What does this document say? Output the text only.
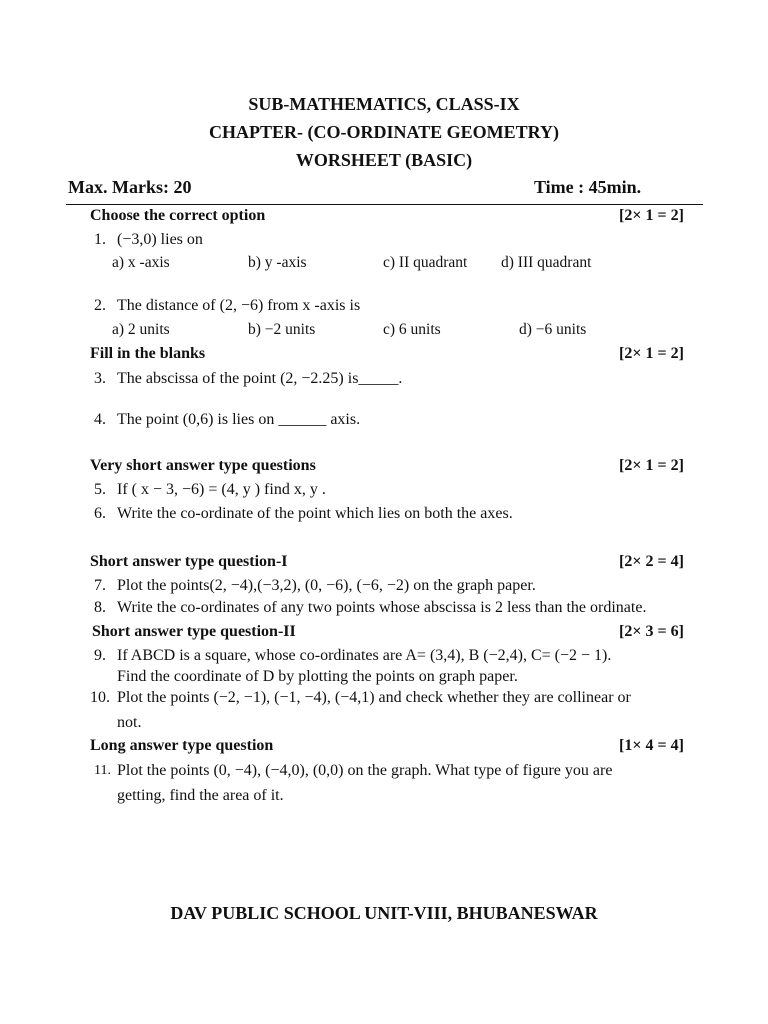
SUB-MATHEMATICS, CLASS-IX
CHAPTER- (CO-ORDINATE GEOMETRY)
WORSHEET (BASIC)
Max. Marks: 20	Time : 45min.
Choose the correct option	[2× 1 = 2]
1. (−3,0) lies on
a) x -axis	b) y -axis	c) II quadrant d) III quadrant
2. The distance of (2, −6) from x -axis is
a) 2 units	b) −2 units	c) 6 units	d) −6 units
Fill in the blanks	[2× 1 = 2]
3. The abscissa of the point (2, −2.25) is_____.
4. The point (0,6) is lies on ______ axis.
Very short answer type questions	[2× 1 = 2]
5. If ( x − 3, −6) = (4, y ) find x, y .
6. Write the co-ordinate of the point which lies on both the axes.
Short answer type question-I	[2× 2 = 4]
7. Plot the points(2, −4),(−3,2), (0, −6), (−6, −2) on the graph paper.
8. Write the co-ordinates of any two points whose abscissa is 2 less than the ordinate.
Short answer type question-II	[2× 3 = 6]
9. If ABCD is a square, whose co-ordinates are A= (3,4), B (−2,4), C= (−2 − 1).
Find the coordinate of D by plotting the points on graph paper.
10. Plot the points (−2, −1), (−1, −4), (−4,1) and check whether they are collinear or
not.
Long answer type question	[1× 4 = 4]
11. Plot the points (0, −4), (−4,0), (0,0) on the graph. What type of figure you are
getting, find the area of it.
DAV PUBLIC SCHOOL UNIT-VIII, BHUBANESWAR
